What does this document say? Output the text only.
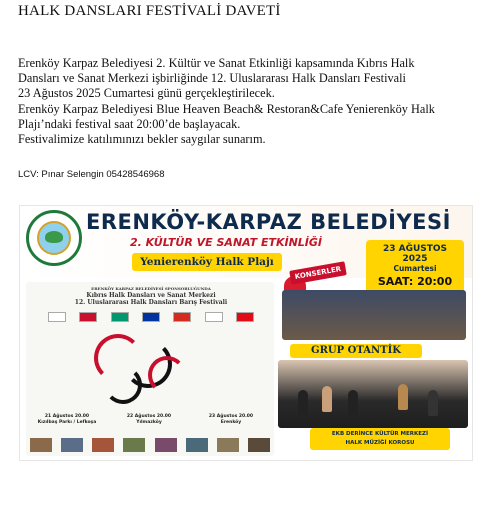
HALK DANSLARI FESTİVALİ DAVETİ
Erenköy Karpaz Belediyesi 2. Kültür ve Sanat Etkinliği kapsamında Kıbrıs Halk
Dansları ve Sanat Merkezi işbirliğinde 12. Uluslararası Halk Dansları Festivali
23 Ağustos 2025 Cumartesi günü gerçekleştirilecek.
Erenköy Karpaz Belediyesi Blue Heaven Beach& Restoran&Cafe Yenierenköy Halk
Plajı’ndaki festival saat 20:00’de başlayacak.
Festivalimize katılımınızı bekler saygılar sunarım.
LCV: Pınar Selengin 05428546968
ERENKÖY-KARPAZ BELEDİYESİ
2. KÜLTÜR VE SANAT ETKİNLİĞİ
Yenierenköy Halk Plajı
23 AĞUSTOS
2025
Cumartesi
SAAT: 20:00
ERENKÖY KARPAZ BELEDİYESİ SPONSORLUĞUNDA
Kıbrıs Halk Dansları ve Sanat Merkezi
12. Uluslararası Halk Dansları Barış Festivali
21 Ağustos 20.00
Kızılbaş Parkı / Lefkoşa
22 Ağustos 20.00
Yılmazköy
23 Ağustos 20.00
Erenköy
KONSERLER
GRUP OTANTİK
EKB DERİNCE KÜLTÜR MERKEZİ
HALK MÜZİĞİ KOROSU
